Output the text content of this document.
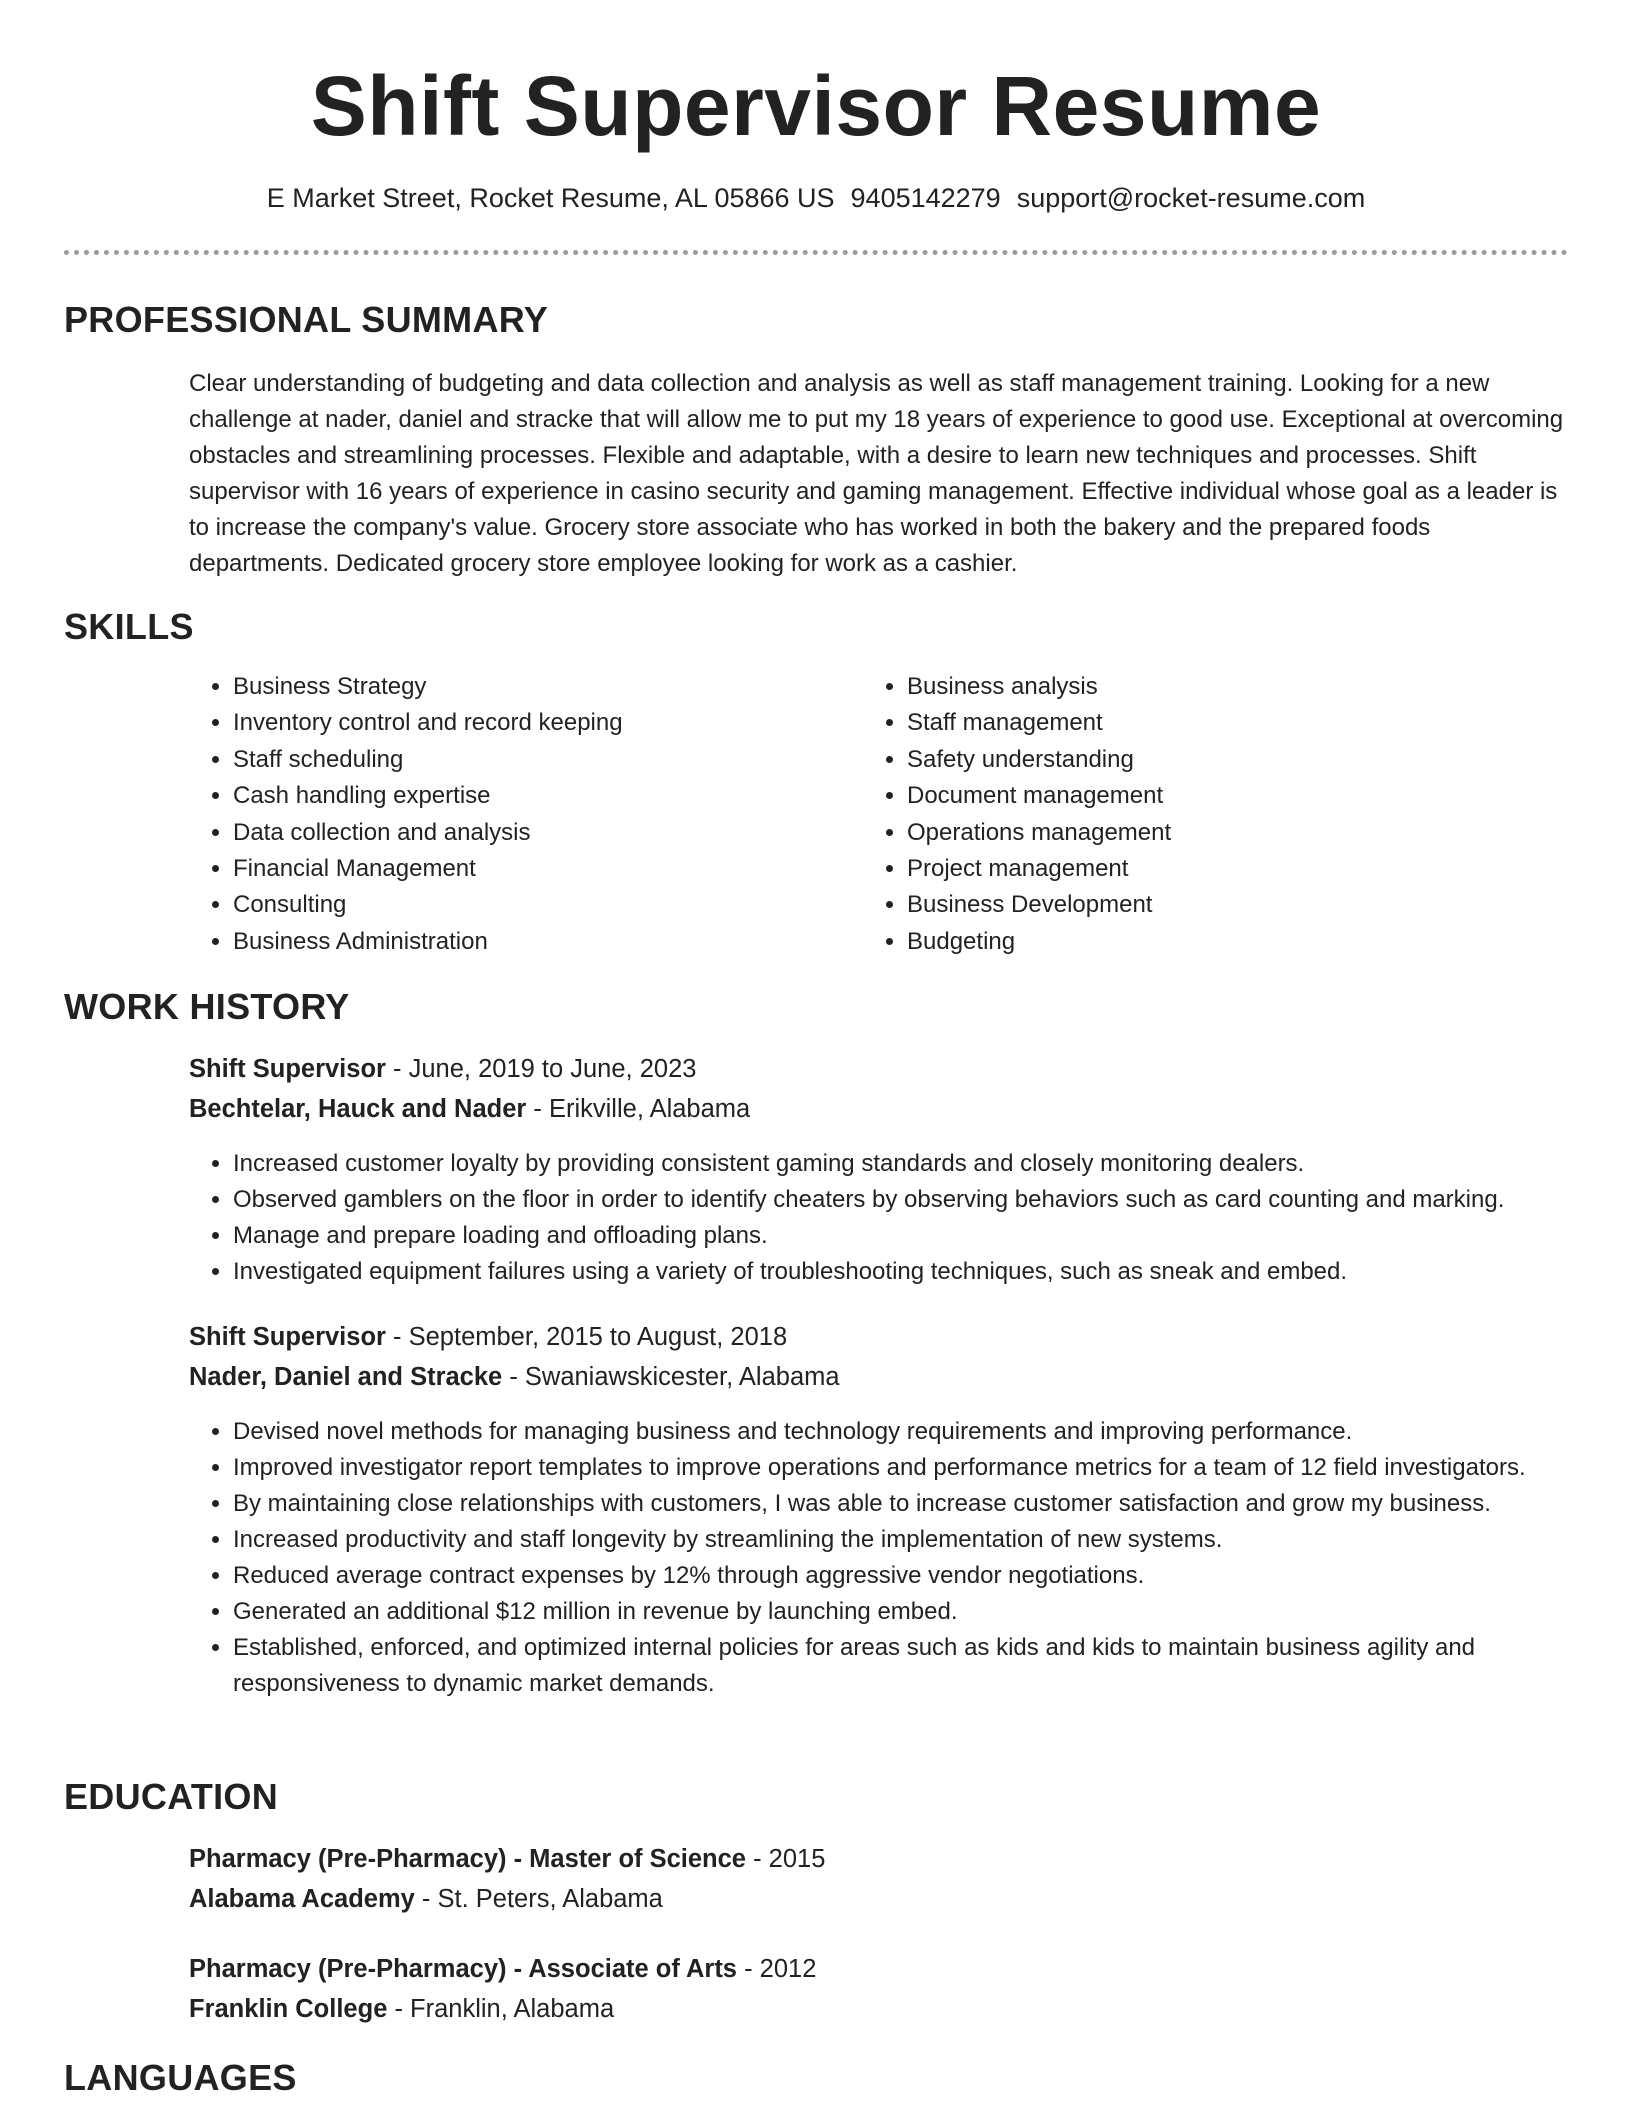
Shift Supervisor Resume
E Market Street, Rocket Resume, AL 05866 US 9405142279 support@rocket-resume.com
PROFESSIONAL SUMMARY

Clear understanding of budgeting and data collection and analysis as well as staff management training. Looking for a new challenge at nader, daniel and stracke that will allow me to put my 18 years of experience to good use. Exceptional at overcoming obstacles and streamlining processes. Flexible and adaptable, with a desire to learn new techniques and processes. Shift supervisor with 16 years of experience in casino security and gaming management. Effective individual whose goal as a leader is to increase the company's value. Grocery store associate who has worked in both the bakery and the prepared foods departments. Dedicated grocery store employee looking for work as a cashier.

SKILLS
• Business Strategy
• Inventory control and record keeping
• Staff scheduling
• Cash handling expertise
• Data collection and analysis
• Financial Management
• Consulting
• Business Administration
• Business analysis
• Staff management
• Safety understanding
• Document management
• Operations management
• Project management
• Business Development
• Budgeting
WORK HISTORY
Shift Supervisor - June, 2019 to June, 2023
Bechtelar, Hauck and Nader - Erikville, Alabama
• Increased customer loyalty by providing consistent gaming standards and closely monitoring dealers.
• Observed gamblers on the floor in order to identify cheaters by observing behaviors such as card counting and marking.
• Manage and prepare loading and offloading plans.
• Investigated equipment failures using a variety of troubleshooting techniques, such as sneak and embed.
Shift Supervisor - September, 2015 to August, 2018
Nader, Daniel and Stracke - Swaniawskicester, Alabama
• Devised novel methods for managing business and technology requirements and improving performance.
• Improved investigator report templates to improve operations and performance metrics for a team of 12 field investigators.
• By maintaining close relationships with customers, I was able to increase customer satisfaction and grow my business.
• Increased productivity and staff longevity by streamlining the implementation of new systems.
• Reduced average contract expenses by 12% through aggressive vendor negotiations.
• Generated an additional $12 million in revenue by launching embed.
• Established, enforced, and optimized internal policies for areas such as kids and kids to maintain business agility and responsiveness to dynamic market demands.
EDUCATION
Pharmacy (Pre-Pharmacy) - Master of Science - 2015
Alabama Academy - St. Peters, Alabama
Pharmacy (Pre-Pharmacy) - Associate of Arts - 2012
Franklin College - Franklin, Alabama
LANGUAGES
